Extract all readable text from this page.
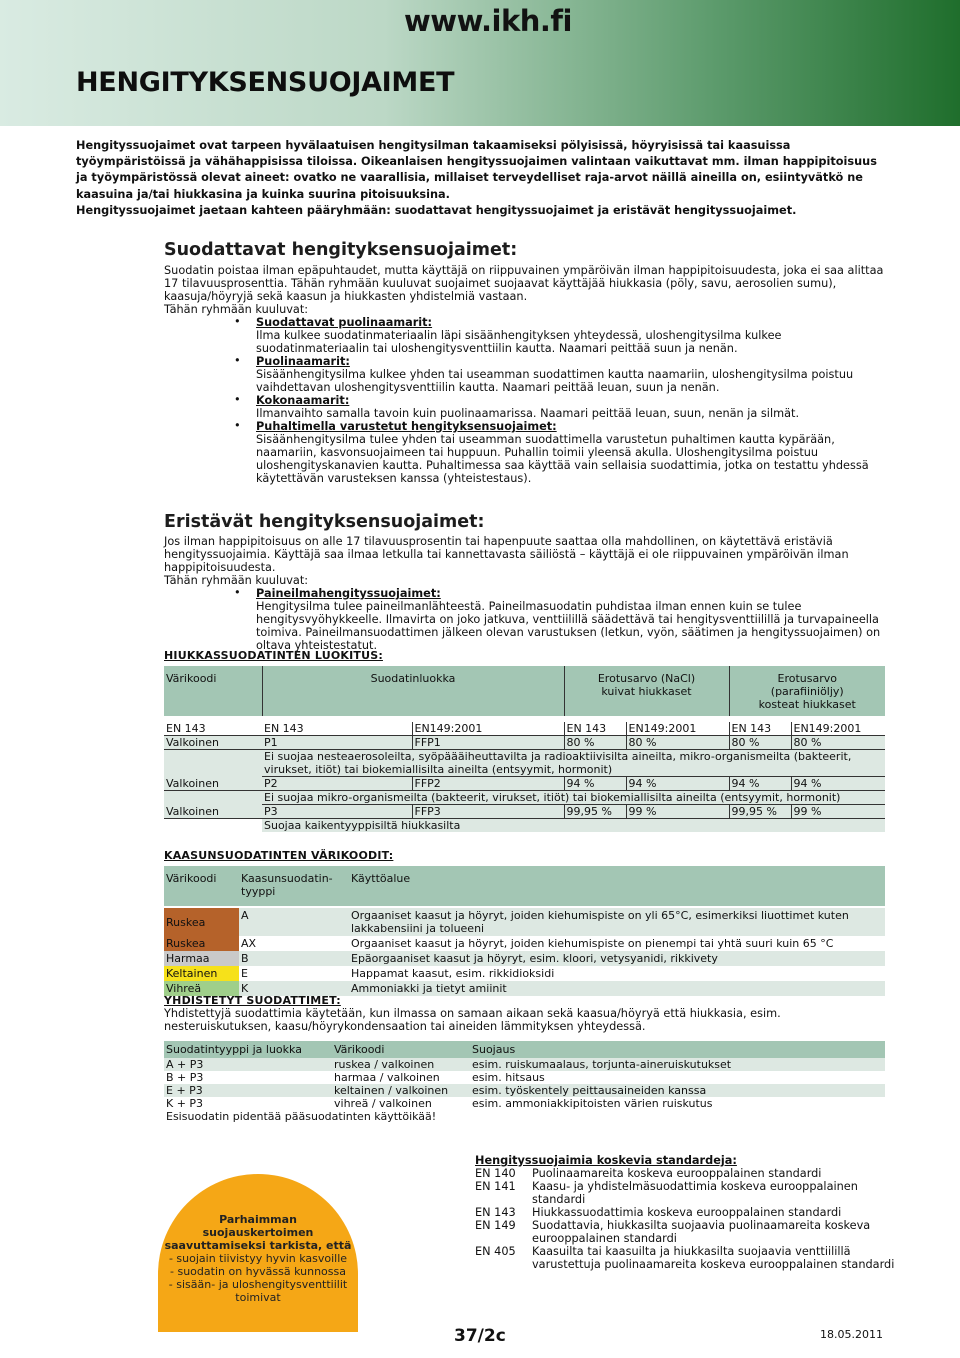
www.ikh.fi
HENGITYKSENSUOJAIMET

Hengityssuojaimet ovat tarpeen hyvälaatuisen hengitysilman takaamiseksi pölyisissä, höyryisissä tai kaasuissa työympäristöissä ja vähähappisissa tiloissa. Oikeanlaisen hengityssuojaimen valintaan vaikuttavat mm. ilman happipitoisuus ja työympäristössä olevat aineet: ovatko ne vaarallisia, millaiset terveydelliset raja-arvot näillä aineilla on, esiintyvätkö ne kaasuina ja/tai hiukkasina ja kuinka suurina pitoisuuksina.

Hengityssuojaimet jaetaan kahteen pääryhmään: suodattavat hengityssuojaimet ja eristävät hengityssuojaimet.

Suodattavat hengityksensuojaimet:

Suodatin poistaa ilman epäpuhtaudet, mutta käyttäjä on riippuvainen ympäröivän ilman happipitoisuudesta, joka ei saa alittaa 17 tilavuusprosenttia. Tähän ryhmään kuuluvat suojaimet suojaavat käyttäjää hiukkasia (pöly, savu, aerosolien sumu), kaasuja/höyryjä sekä kaasun ja hiukkasten yhdistelmiä vastaan.

Tähän ryhmään kuuluvat:

• Suodattavat puolinaamarit:
Ilma kulkee suodatinmateriaalin läpi sisäänhengityksen yhteydessä, uloshengitysilma kulkee suodatinmateriaalin tai uloshengitysventtiilin kautta. Naamari peittää suun ja nenän.
• Puolinaamarit:
Sisäänhengitysilma kulkee yhden tai useamman suodattimen kautta naamariin, uloshengitysilma poistuu vaihdettavan uloshengitysventtiilin kautta. Naamari peittää leuan, suun ja nenän.
• Kokonaamarit:
Ilmanvaihto samalla tavoin kuin puolinaamarissa. Naamari peittää leuan, suun, nenän ja silmät.
• Puhaltimella varustetut hengityksensuojaimet:
Sisäänhengitysilma tulee yhden tai useamman suodattimella varustetun puhaltimen kautta kypärään, naamariin, kasvonsuojaimeen tai huppuun. Puhallin toimii yleensä akulla. Uloshengitysilma poistuu uloshengityskanavien kautta. Puhaltimessa saa käyttää vain sellaisia suodattimia, jotka on testattu yhdessä käytettävän varusteksen kanssa (yhteistestaus).
Eristävät hengityksensuojaimet:

Jos ilman happipitoisuus on alle 17 tilavuusprosentin tai hapenpuute saattaa olla mahdollinen, on käytettävä eristäviä hengityssuojaimia. Käyttäjä saa ilmaa letkulla tai kannettavasta säiliöstä – käyttäjä ei ole riippuvainen ympäröivän ilman happipitoisuudesta.

Tähän ryhmään kuuluvat:

• Paineilmahengityssuojaimet:
Hengitysilma tulee paineilmanlähteestä. Paineilmasuodatin puhdistaa ilman ennen kuin se tulee hengitysvyöhykkeelle. Ilmavirta on joko jatkuva, venttiilillä säädettävä tai hengitysventtiilillä ja turvapaineella toimiva. Paineilmansuodattimen jälkeen olevan varustuksen (letkun, vyön, säätimen ja hengityssuojaimen) on oltava yhteistestatut.
HIUKKASSUODATINTEN LUOKITUS:
Värikoodi	Suodatinluokka		Erotusarvo (NaCl) kuivat hiukkaset		Erotusarvo (parafiiniöljy) kosteat hiukkaset	

EN 143	EN 143	EN149:2001	EN 143	EN149:2001	EN 143	EN149:2001
Valkoinen	P1	FFP1	80 %	80 %	80 %	80 %
	Ei suojaa nesteaerosoleilta, syöpäääiheuttavilta ja radioaktiivisilta aineilta, mikro-organismeilta (bakteerit, virukset, itiöt) tai biokemiallisilta aineilta (entsyymit, hormonit)					
Valkoinen	P2	FFP2	94 %	94 %	94 %	94 %
	Ei suojaa mikro-organismeilta (bakteerit, virukset, itiöt) tai biokemiallisilta aineilta (entsyymit, hormonit)					
Valkoinen	P3	FFP3	99,95 %	99 %	99,95 %	99 %
	Suojaa kaikentyyppisiltä hiukkasilta					
KAASUNSUODATINTEN VÄRIKOODIT:
Värikoodi	Kaasunsuodatin-tyyppi	Käyttöalue

Ruskea	A	Orgaaniset kaasut ja höyryt, joiden kiehumispiste on yli 65°C, esimerkiksi liuottimet kuten lakkabensiini ja tolueeni
Ruskea	AX	Orgaaniset kaasut ja höyryt, joiden kiehumispiste on pienempi tai yhtä suuri kuin 65 °C
Harmaa	B	Epäorgaaniset kaasut ja höyryt, esim. kloori, vetysyanidi, rikkivety
Keltainen	E	Happamat kaasut, esim. rikkidioksidi
Vihreä	K	Ammoniakki ja tietyt amiinit
YHDISTETYT SUODATTIMET:
Yhdistettyjä suodattimia käytetään, kun ilmassa on samaan aikaan sekä kaasua/höyryä että hiukkasia, esim. nesteruiskutuksen, kaasu/höyrykondensaation tai aineiden lämmityksen yhteydessä.
Suodatintyyppi ja luokka	Värikoodi	Suojaus
A + P3	ruskea / valkoinen	esim. ruiskumaalaus, torjunta-aineruiskutukset
B + P3	harmaa / valkoinen	esim. hitsaus
E + P3	keltainen / valkoinen	esim. työskentely peittausaineiden kanssa
K + P3	vihreä / valkoinen	esim. ammoniakkipitoisten värien ruiskutus
Esisuodatin pidentää pääsuodatinten käyttöikää!		
Parhaimman suojauskertoimen saavuttamiseksi tarkista, että
- suojain tiivistyy hyvin kasvoille
- suodatin on hyvässä kunnossa
- sisään- ja uloshengitysventtiilit toimivat
Hengityssuojaimia koskevia standardeja:
EN 140	Puolinaamareita koskeva eurooppalainen standardi
EN 141	Kaasu- ja yhdistelmäsuodattimia koskeva eurooppalainen standardi
EN 143	Hiukkassuodattimia koskeva eurooppalainen standardi
EN 149	Suodattavia, hiukkasilta suojaavia puolinaamareita koskeva eurooppalainen standardi
EN 405	Kaasuilta tai kaasuilta ja hiukkasilta suojaavia venttiilillä varustettuja puolinaamareita koskeva eurooppalainen standardi
37/2c	18.05.2011
